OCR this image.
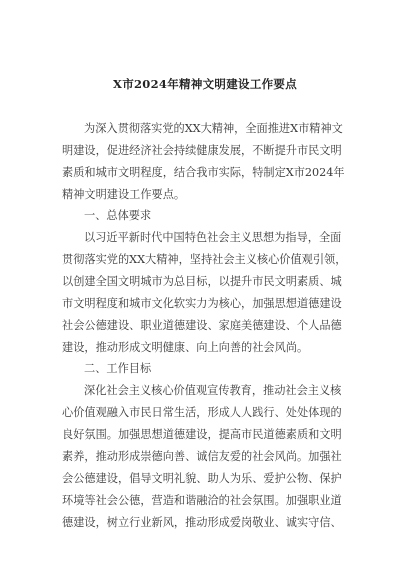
X市2024年精神文明建设工作要点
为深入贯彻落实党的XX大精神，全面推进X市精神文
明建设，促进经济社会持续健康发展，不断提升市民文明
素质和城市文明程度，结合我市实际，特制定X市2024年
精神文明建设工作要点。
一、总体要求
以习近平新时代中国特色社会主义思想为指导，全面
贯彻落实党的XX大精神，坚持社会主义核心价值观引领，
以创建全国文明城市为总目标，以提升市民文明素质、城
市文明程度和城市文化软实力为核心，加强思想道德建设
社会公德建设、职业道德建设、家庭美德建设、个人品德
建设，推动形成文明健康、向上向善的社会风尚。
二、工作目标
深化社会主义核心价值观宣传教育，推动社会主义核
心价值观融入市民日常生活，形成人人践行、处处体现的
良好氛围。加强思想道德建设，提高市民道德素质和文明
素养，推动形成崇德向善、诚信友爱的社会风尚。加强社
会公德建设，倡导文明礼貌、助人为乐、爱护公物、保护
环境等社会公德，营造和谐融洽的社会氛围。加强职业道
德建设，树立行业新风，推动形成爱岗敬业、诚实守信、
